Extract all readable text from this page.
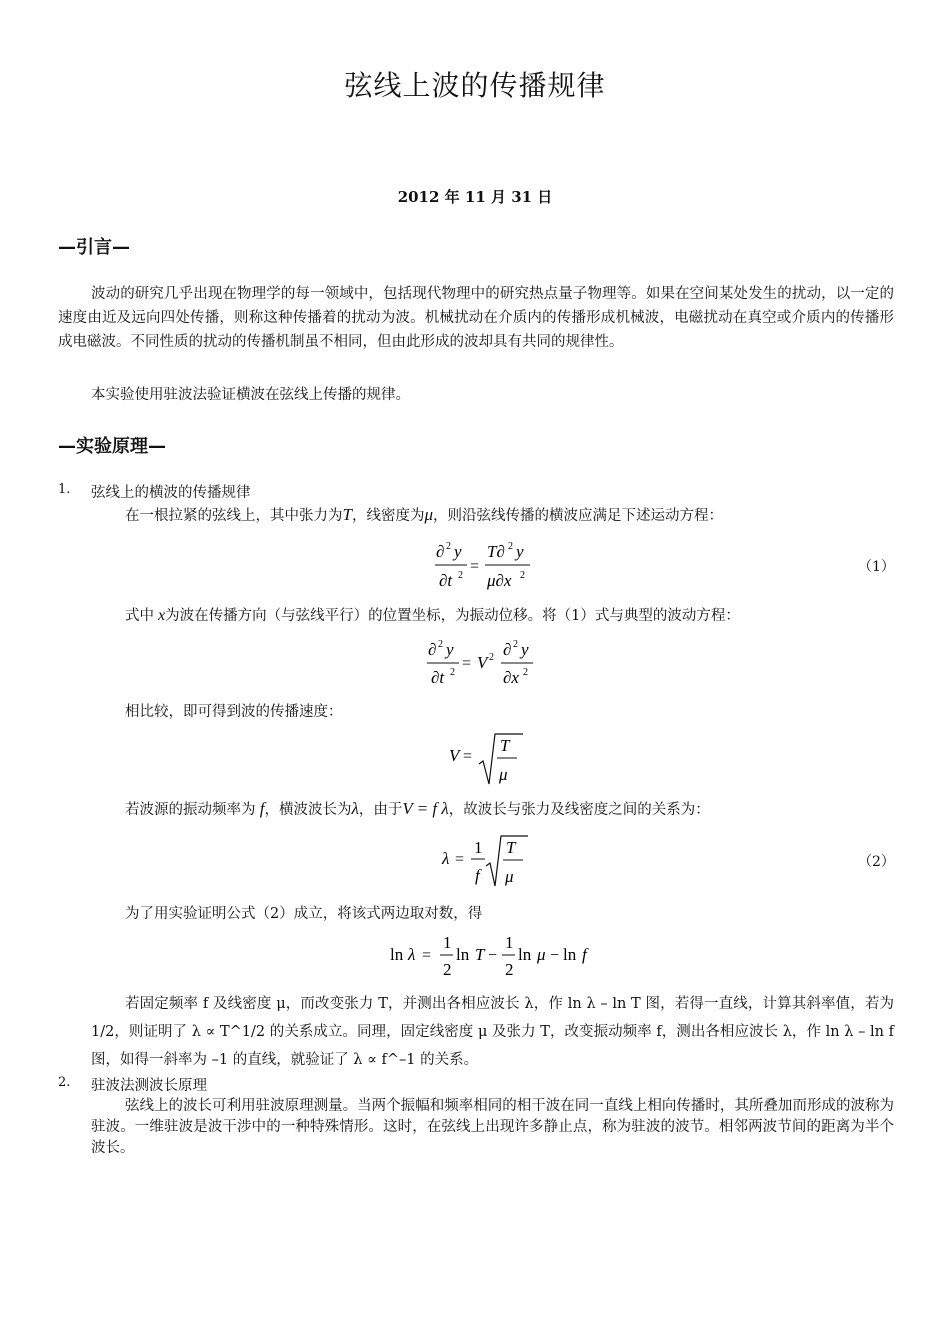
弦线上波的传播规律
2012 年 11 月 31 日
—引言—
波动的研究几乎出现在物理学的每一领域中，包括现代物理中的研究热点量子物理等。如果在空间某处发生的扰动，以一定的速度由近及远向四处传播，则称这种传播着的扰动为波。机械扰动在介质内的传播形成机械波，电磁扰动在真空或介质内的传播形成电磁波。不同性质的扰动的传播机制虽不相同，但由此形成的波却具有共同的规律性。
本实验使用驻波法验证横波在弦线上传播的规律。
—实验原理—
1. 弦线上的横波的传播规律
在一根拉紧的弦线上，其中张力为T，线密度为μ，则沿弦线传播的横波应满足下述运动方程：
∂ 2 y
∂t 2
=
T∂ 2 y
μ∂x 2
（1）
式中 x为波在传播方向（与弦线平行）的位置坐标，为振动位移。将（1）式与典型的波动方程：
∂ 2 y
∂t 2
= V 2 ∂ 2 y
∂x 2
相比较，即可得到波的传播速度：
V =
T
μ
若波源的振动频率为 f，横波波长为λ，由于V = f λ，故波长与张力及线密度之间的关系为：
λ =
1
f
T
μ
（2）
为了用实验证明公式（2）成立，将该式两边取对数，得
ln λ =
1
2
ln T −
1
2
ln μ − ln f
若固定频率 f 及线密度 μ，而改变张力 T，并测出各相应波长 λ，作 ln λ – ln T 图，若得一直线，计算其斜率值，若为 1/2，则证明了 λ ∝ T^1/2 的关系成立。同理，固定线密度 μ 及张力 T，改变振动频率 f，测出各相应波长 λ，作 ln λ – ln f 图，如得一斜率为 –1 的直线，就验证了 λ ∝ f^–1 的关系。
2. 驻波法测波长原理
弦线上的波长可利用驻波原理测量。当两个振幅和频率相同的相干波在同一直线上相向传播时，其所叠加而形成的波称为驻波。一维驻波是波干涉中的一种特殊情形。这时，在弦线上出现许多静止点，称为驻波的波节。相邻两波节间的距离为半个波长。
